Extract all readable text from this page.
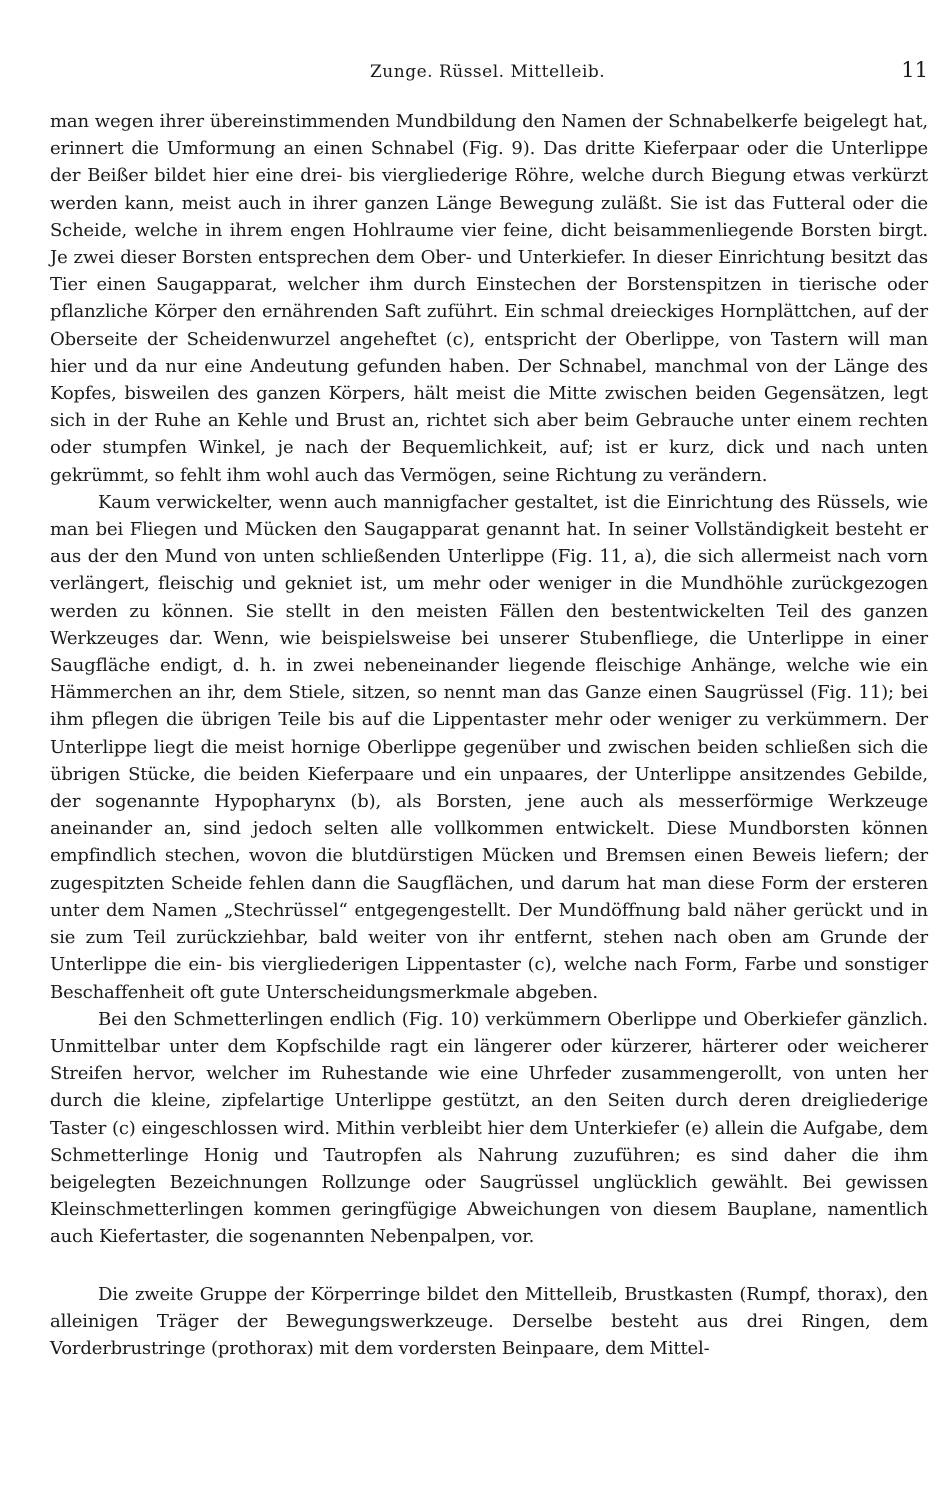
Zunge. Rüssel. Mittelleib.	11

man wegen ihrer übereinstimmenden Mundbildung den Namen der Schnabelkerfe beigelegt hat, erinnert die Umformung an einen Schnabel (Fig. 9). Das dritte Kieferpaar oder die Unterlippe der Beißer bildet hier eine drei- bis viergliederige Röhre, welche durch Biegung etwas verkürzt werden kann, meist auch in ihrer ganzen Länge Bewegung zuläßt. Sie ist das Futteral oder die Scheide, welche in ihrem engen Hohlraume vier feine, dicht beisammenliegende Borsten birgt. Je zwei dieser Borsten entsprechen dem Ober- und Unterkiefer. In dieser Einrichtung besitzt das Tier einen Saugapparat, welcher ihm durch Einstechen der Borstenspitzen in tierische oder pflanzliche Körper den ernährenden Saft zuführt. Ein schmal dreieckiges Hornplättchen, auf der Oberseite der Scheidenwurzel angeheftet (c), entspricht der Oberlippe, von Tastern will man hier und da nur eine Andeutung gefunden haben. Der Schnabel, manchmal von der Länge des Kopfes, bisweilen des ganzen Körpers, hält meist die Mitte zwischen beiden Gegensätzen, legt sich in der Ruhe an Kehle und Brust an, richtet sich aber beim Gebrauche unter einem rechten oder stumpfen Winkel, je nach der Bequemlichkeit, auf; ist er kurz, dick und nach unten gekrümmt, so fehlt ihm wohl auch das Vermögen, seine Richtung zu verändern.

Kaum verwickelter, wenn auch mannigfacher gestaltet, ist die Einrichtung des Rüssels, wie man bei Fliegen und Mücken den Saugapparat genannt hat. In seiner Vollständigkeit besteht er aus der den Mund von unten schließenden Unterlippe (Fig. 11, a), die sich allermeist nach vorn verlängert, fleischig und gekniet ist, um mehr oder weniger in die Mundhöhle zurückgezogen werden zu können. Sie stellt in den meisten Fällen den bestentwickelten Teil des ganzen Werkzeuges dar. Wenn, wie beispielsweise bei unserer Stubenfliege, die Unterlippe in einer Saugfläche endigt, d. h. in zwei nebeneinander liegende fleischige Anhänge, welche wie ein Hämmerchen an ihr, dem Stiele, sitzen, so nennt man das Ganze einen Saugrüssel (Fig. 11); bei ihm pflegen die übrigen Teile bis auf die Lippentaster mehr oder weniger zu verkümmern. Der Unterlippe liegt die meist hornige Oberlippe gegenüber und zwischen beiden schließen sich die übrigen Stücke, die beiden Kieferpaare und ein unpaares, der Unterlippe ansitzendes Gebilde, der sogenannte Hypopharynx (b), als Borsten, jene auch als messerförmige Werkzeuge aneinander an, sind jedoch selten alle vollkommen entwickelt. Diese Mundborsten können empfindlich stechen, wovon die blutdürstigen Mücken und Bremsen einen Beweis liefern; der zugespitzten Scheide fehlen dann die Saugflächen, und darum hat man diese Form der ersteren unter dem Namen „Stechrüssel“ entgegengestellt. Der Mundöffnung bald näher gerückt und in sie zum Teil zurückziehbar, bald weiter von ihr entfernt, stehen nach oben am Grunde der Unterlippe die ein- bis viergliederigen Lippentaster (c), welche nach Form, Farbe und sonstiger Beschaffenheit oft gute Unterscheidungsmerkmale abgeben.

Bei den Schmetterlingen endlich (Fig. 10) verkümmern Oberlippe und Oberkiefer gänzlich. Unmittelbar unter dem Kopfschilde ragt ein längerer oder kürzerer, härterer oder weicherer Streifen hervor, welcher im Ruhestande wie eine Uhrfeder zusammengerollt, von unten her durch die kleine, zipfelartige Unterlippe gestützt, an den Seiten durch deren dreigliederige Taster (c) eingeschlossen wird. Mithin verbleibt hier dem Unterkiefer (e) allein die Aufgabe, dem Schmetterlinge Honig und Tautropfen als Nahrung zuzuführen; es sind daher die ihm beigelegten Bezeichnungen Rollzunge oder Saugrüssel unglücklich gewählt. Bei gewissen Kleinschmetterlingen kommen geringfügige Abweichungen von diesem Bauplane, namentlich auch Kiefertaster, die sogenannten Nebenpalpen, vor.

Die zweite Gruppe der Körperringe bildet den Mittelleib, Brustkasten (Rumpf, thorax), den alleinigen Träger der Bewegungswerkzeuge. Derselbe besteht aus drei Ringen, dem Vorderbrustringe (prothorax) mit dem vordersten Beinpaare, dem Mittel-
